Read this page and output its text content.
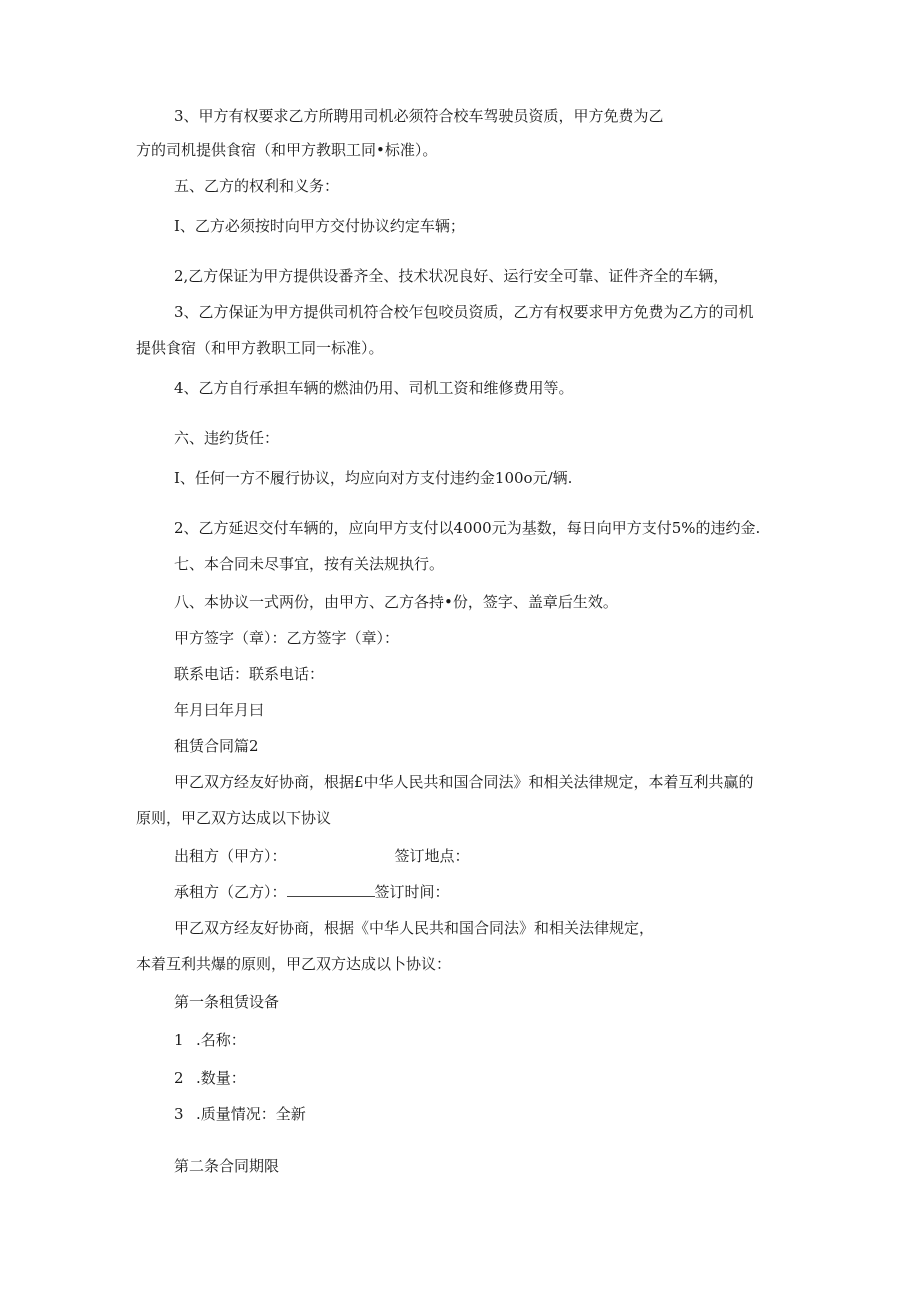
3、甲方有权要求乙方所聘用司机必须符合校车驾驶员资质，甲方免费为乙
方的司机提供食宿（和甲方教职工同•标准）。
五、乙方的权利和义务：
I、乙方必须按时向甲方交付协议约定车辆；
2,乙方保证为甲方提供设番齐全、技术状况良好、运行安全可靠、证件齐全的车辆，
3、乙方保证为甲方提供司机符合校乍包咬员资质，乙方有权要求甲方免费为乙方的司机
提供食宿（和甲方教职工同一标准）。
4、乙方自行承担车辆的燃油仍用、司机工资和维修费用等。
六、违约货任：
I、任何一方不履行协议，均应向对方支付违约金100o元/辆.
2、乙方延迟交付车辆的，应向甲方支付以4000元为基数，每日向甲方支付5%的违约金.
七、本合同未尽事宜，按有关法规执行。
八、本协议一式两份，由甲方、乙方各持•份，签字、盖章后生效。
甲方签字（章）：乙方签字（章）：
联系电话：联系电话：
年月曰年月曰
租赁合同篇2
甲乙双方经友好协商，根据£中华人民共和国合同法》和相关法律规定，本着互利共赢的
原则，甲乙双方达成以下协议
出租方（甲方）：	签订地点：
承租方（乙方）：	签订时间：
甲乙双方经友好协商，根据《中华人民共和国合同法》和相关法律规定，
本着互利共爆的原则，甲乙双方达成以卜协议：
第一条租赁设备
1 .名称：
2 .数量：
3 .质量情况：全新
第二条合同期限
